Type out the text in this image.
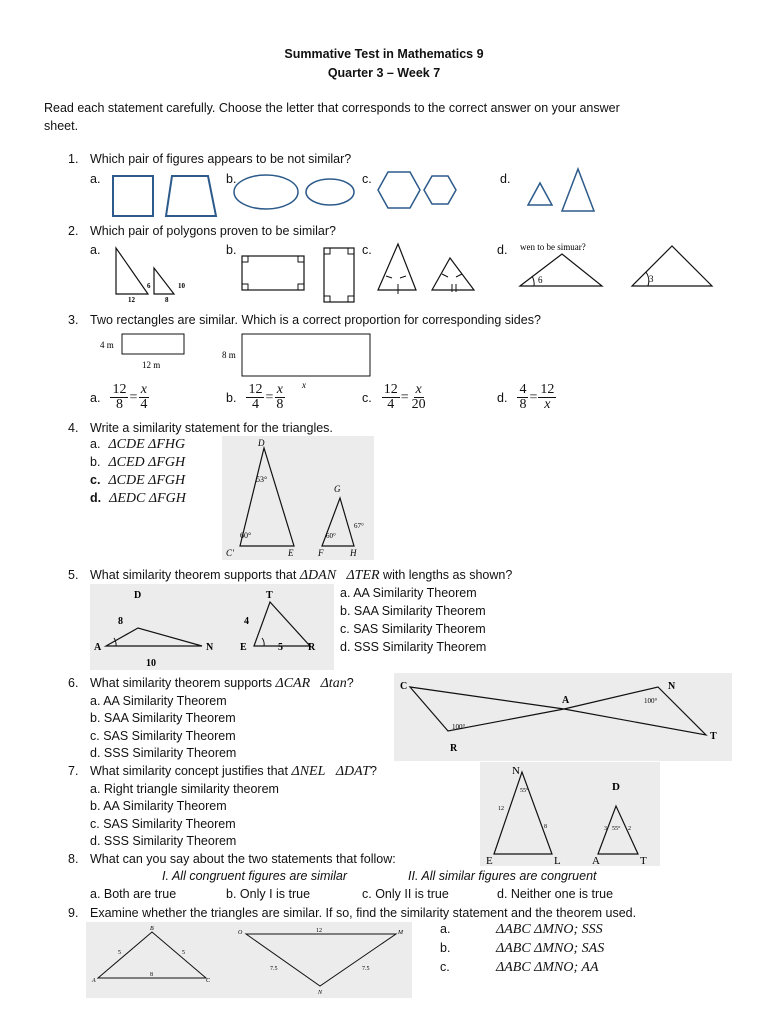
Summative Test in Mathematics 9
Quarter 3 – Week 7
Read each statement carefully. Choose the letter that corresponds to the correct answer on your answer
sheet.
1. Which pair of figures appears to be not similar?
a.	b.	c.	d.
2. Which pair of polygons proven to be similar?
a.	b.	c.	d.
12
6	10
8
wen to be simuar?
6	3
3. Two rectangles are similar. Which is a correct proportion for corresponding sides?
4 m
12 m
8 m
x
a. $\frac{12}{8} = \frac{x}{4}$	b. $\frac{12}{4} = \frac{x}{8}$	c. $\frac{12}{4} = \frac{x}{20}$	d. $\frac{4}{8} = \frac{12}{x}$
4. Write a similarity statement for the triangles.
a. ΔCDE ΔFHG
b. ΔCED ΔFGH
c. ΔCDE ΔFGH
d. ΔEDC ΔFGH
D
53°
60°
C'	E
G
60°
67°
F	H
5. What similarity theorem supports that ΔDAN ΔTER with lengths as shown?
D
A	N
8
10
T
4
E	5	R
a. AA Similarity Theorem
b. SAA Similarity Theorem
c. SAS Similarity Theorem
d. SSS Similarity Theorem
6. What similarity theorem supports ΔCAR Δtan?
a. AA Similarity Theorem
b. SAA Similarity Theorem
c. SAS Similarity Theorem
d. SSS Similarity Theorem
C
A
N
R
T
100°
100°
7. What similarity concept justifies that ΔNEL ΔDAT?
a. Right triangle similarity theorem
b. AA Similarity Theorem
c. SAS Similarity Theorem
d. SSS Similarity Theorem
N
55°
12
8
E	L
D
55°
3	2
A	T
8. What can you say about the two statements that follow:
I. All congruent figures are similar	II. All similar figures are congruent
a. Both are true	b. Only I is true	c. Only II is true	d. Neither one is true
9. Examine whether the triangles are similar. If so, find the similarity statement and the theorem used.
B
A	C
5	5
8
O	M
N
12
7.5	7.5
a.	ΔABC ΔMNO; SSS
b.	ΔABC ΔMNO; SAS
c.	ΔABC ΔMNO; AA
